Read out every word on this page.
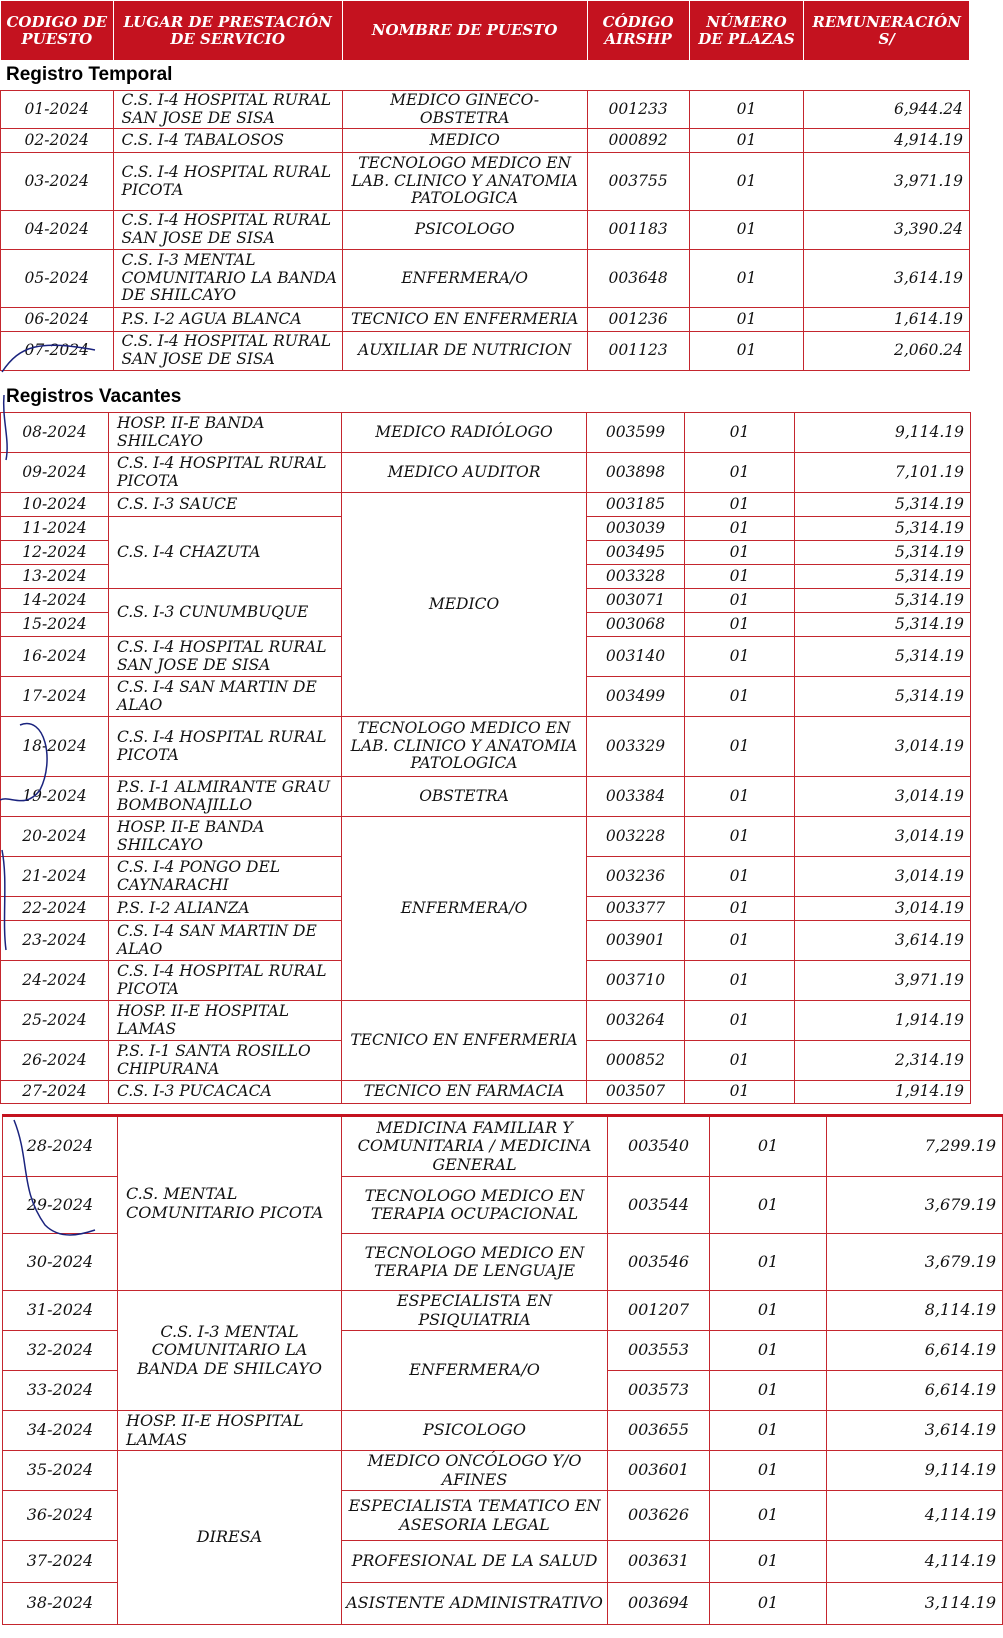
CODIGO DE PUESTO	LUGAR DE PRESTACIÓN DE SERVICIO	NOMBRE DE PUESTO	CÓDIGO AIRSHP	NÚMERO DE PLAZAS	REMUNERACIÓN S/
Registro Temporal
01-2024	C.S. I-4 HOSPITAL RURAL SAN JOSE DE SISA	MEDICO GINECO-OBSTETRA	001233	01	6,944.24
02-2024	C.S. I-4 TABALOSOS	MEDICO	000892	01	4,914.19
03-2024	C.S. I-4 HOSPITAL RURAL PICOTA	TECNOLOGO MEDICO EN LAB. CLINICO Y ANATOMIA PATOLOGICA	003755	01	3,971.19
04-2024	C.S. I-4 HOSPITAL RURAL SAN JOSE DE SISA	PSICOLOGO	001183	01	3,390.24
05-2024	C.S. I-3 MENTAL COMUNITARIO LA BANDA DE SHILCAYO	ENFERMERA/O	003648	01	3,614.19
06-2024	P.S. I-2 AGUA BLANCA	TECNICO EN ENFERMERIA	001236	01	1,614.19
07-2024	C.S. I-4 HOSPITAL RURAL SAN JOSE DE SISA	AUXILIAR DE NUTRICION	001123	01	2,060.24
Registros Vacantes
08-2024	HOSP. II-E BANDA SHILCAYO	MEDICO RADIÓLOGO	003599	01	9,114.19
09-2024	C.S. I-4 HOSPITAL RURAL PICOTA	MEDICO AUDITOR	003898	01	7,101.19
10-2024	C.S. I-3 SAUCE	MEDICO	003185	01	5,314.19
11-2024	C.S. I-4 CHAZUTA		003039	01	5,314.19
12-2024			003495	01	5,314.19
13-2024			003328	01	5,314.19
14-2024	C.S. I-3 CUNUMBUQUE		003071	01	5,314.19
15-2024			003068	01	5,314.19
16-2024	C.S. I-4 HOSPITAL RURAL SAN JOSE DE SISA		003140	01	5,314.19
17-2024	C.S. I-4 SAN MARTIN DE ALAO		003499	01	5,314.19
18-2024	C.S. I-4 HOSPITAL RURAL PICOTA	TECNOLOGO MEDICO EN LAB. CLINICO Y ANATOMIA PATOLOGICA	003329	01	3,014.19
19-2024	P.S. I-1 ALMIRANTE GRAU BOMBONAJILLO	OBSTETRA	003384	01	3,014.19
20-2024	HOSP. II-E BANDA SHILCAYO	ENFERMERA/O	003228	01	3,014.19
21-2024	C.S. I-4 PONGO DEL CAYNARACHI		003236	01	3,014.19
22-2024	P.S. I-2 ALIANZA		003377	01	3,014.19
23-2024	C.S. I-4 SAN MARTIN DE ALAO		003901	01	3,614.19
24-2024	C.S. I-4 HOSPITAL RURAL PICOTA		003710	01	3,971.19
25-2024	HOSP. II-E HOSPITAL LAMAS	TECNICO EN ENFERMERIA	003264	01	1,914.19
26-2024	P.S. I-1 SANTA ROSILLO CHIPURANA		000852	01	2,314.19
27-2024	C.S. I-3 PUCACACA	TECNICO EN FARMACIA	003507	01	1,914.19
28-2024	C.S. MENTAL COMUNITARIO PICOTA	MEDICINA FAMILIAR Y COMUNITARIA / MEDICINA GENERAL	003540	01	7,299.19
29-2024		TECNOLOGO MEDICO EN TERAPIA OCUPACIONAL	003544	01	3,679.19
30-2024		TECNOLOGO MEDICO EN TERAPIA DE LENGUAJE	003546	01	3,679.19
31-2024	C.S. I-3 MENTAL COMUNITARIO LA BANDA DE SHILCAYO	ESPECIALISTA EN PSIQUIATRIA	001207	01	8,114.19
32-2024		ENFERMERA/O	003553	01	6,614.19
33-2024			003573	01	6,614.19
34-2024	HOSP. II-E HOSPITAL LAMAS	PSICOLOGO	003655	01	3,614.19
35-2024	DIRESA	MEDICO ONCÓLOGO Y/O AFINES	003601	01	9,114.19
36-2024		ESPECIALISTA TEMATICO EN ASESORIA LEGAL	003626	01	4,114.19
37-2024		PROFESIONAL DE LA SALUD	003631	01	4,114.19
38-2024		ASISTENTE ADMINISTRATIVO	003694	01	3,114.19
